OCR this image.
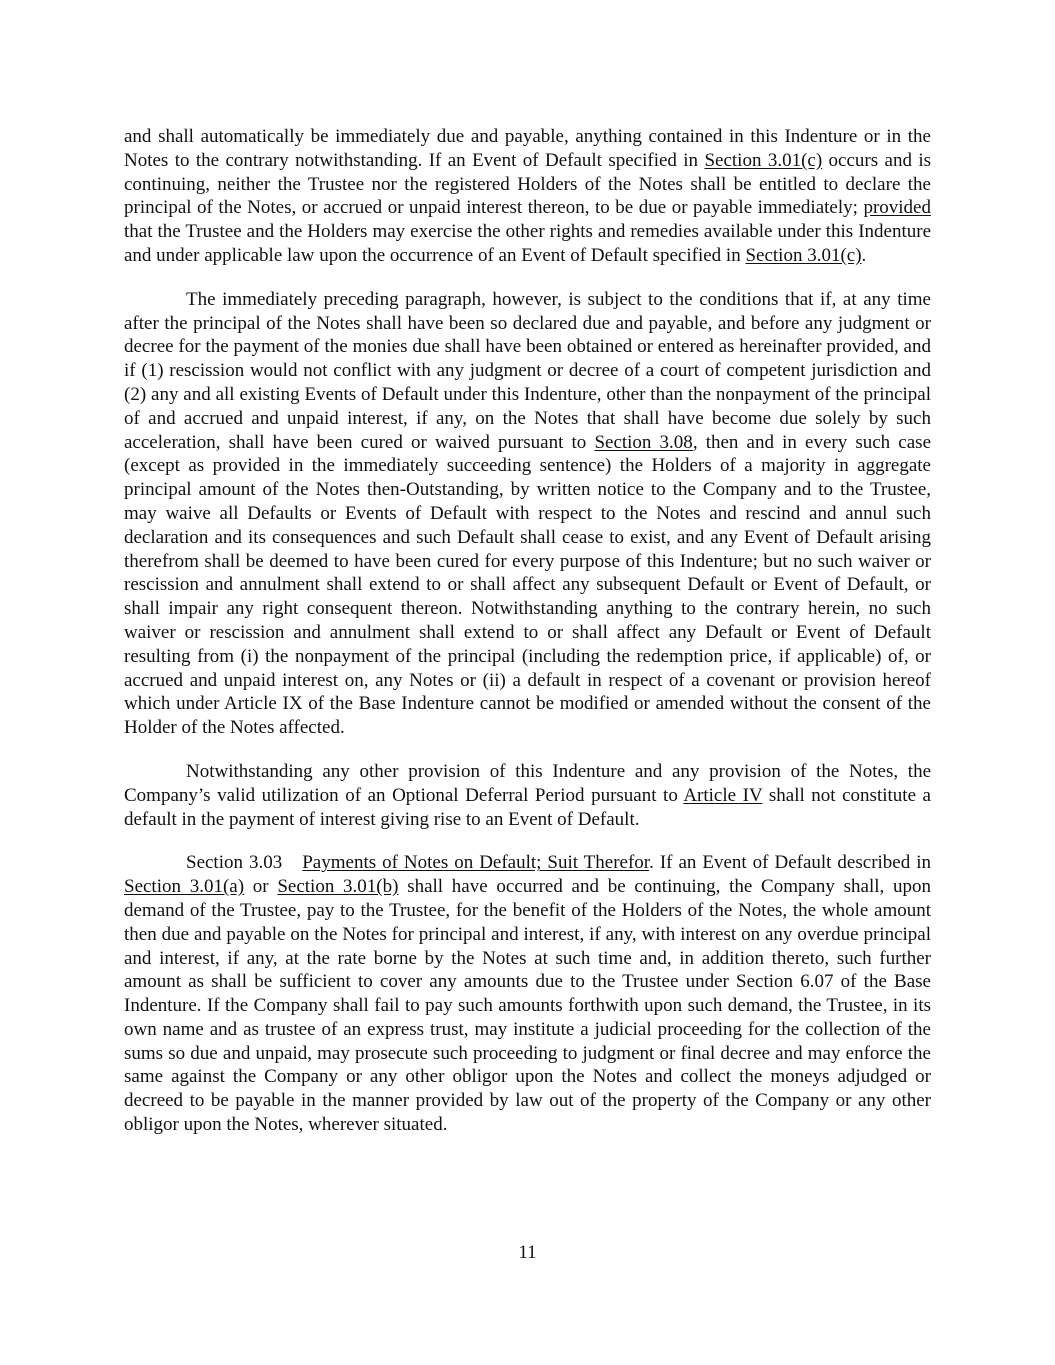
and shall automatically be immediately due and payable, anything contained in this Indenture or in the Notes to the contrary notwithstanding. If an Event of Default specified in Section 3.01(c) occurs and is continuing, neither the Trustee nor the registered Holders of the Notes shall be entitled to declare the principal of the Notes, or accrued or unpaid interest thereon, to be due or payable immediately; provided that the Trustee and the Holders may exercise the other rights and remedies available under this Indenture and under applicable law upon the occurrence of an Event of Default specified in Section 3.01(c).

The immediately preceding paragraph, however, is subject to the conditions that if, at any time after the principal of the Notes shall have been so declared due and payable, and before any judgment or decree for the payment of the monies due shall have been obtained or entered as hereinafter provided, and if (1) rescission would not conflict with any judgment or decree of a court of competent jurisdiction and (2) any and all existing Events of Default under this Indenture, other than the nonpayment of the principal of and accrued and unpaid interest, if any, on the Notes that shall have become due solely by such acceleration, shall have been cured or waived pursuant to Section 3.08, then and in every such case (except as provided in the immediately succeeding sentence) the Holders of a majority in aggregate principal amount of the Notes then-Outstanding, by written notice to the Company and to the Trustee, may waive all Defaults or Events of Default with respect to the Notes and rescind and annul such declaration and its consequences and such Default shall cease to exist, and any Event of Default arising therefrom shall be deemed to have been cured for every purpose of this Indenture; but no such waiver or rescission and annulment shall extend to or shall affect any subsequent Default or Event of Default, or shall impair any right consequent thereon. Notwithstanding anything to the contrary herein, no such waiver or rescission and annulment shall extend to or shall affect any Default or Event of Default resulting from (i) the nonpayment of the principal (including the redemption price, if applicable) of, or accrued and unpaid interest on, any Notes or (ii) a default in respect of a covenant or provision hereof which under Article IX of the Base Indenture cannot be modified or amended without the consent of the Holder of the Notes affected.

Notwithstanding any other provision of this Indenture and any provision of the Notes, the Company’s valid utilization of an Optional Deferral Period pursuant to Article IV shall not constitute a default in the payment of interest giving rise to an Event of Default.

Section 3.03 Payments of Notes on Default; Suit Therefor. If an Event of Default described in Section 3.01(a) or Section 3.01(b) shall have occurred and be continuing, the Company shall, upon demand of the Trustee, pay to the Trustee, for the benefit of the Holders of the Notes, the whole amount then due and payable on the Notes for principal and interest, if any, with interest on any overdue principal and interest, if any, at the rate borne by the Notes at such time and, in addition thereto, such further amount as shall be sufficient to cover any amounts due to the Trustee under Section 6.07 of the Base Indenture. If the Company shall fail to pay such amounts forthwith upon such demand, the Trustee, in its own name and as trustee of an express trust, may institute a judicial proceeding for the collection of the sums so due and unpaid, may prosecute such proceeding to judgment or final decree and may enforce the same against the Company or any other obligor upon the Notes and collect the moneys adjudged or decreed to be payable in the manner provided by law out of the property of the Company or any other obligor upon the Notes, wherever situated.

11
